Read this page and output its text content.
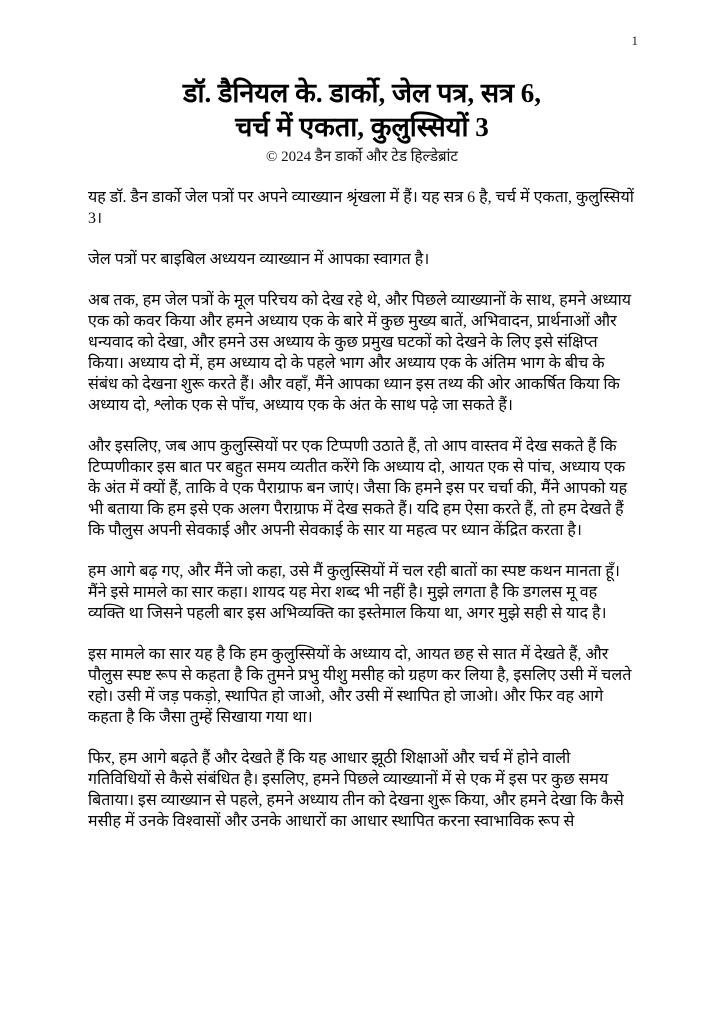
1
डॉ. डैनियल के. डार्को, जेल पत्र, सत्र 6,
चर्च में एकता, कुलुस्सियों 3
© 2024 डैन डार्को और टेड हिल्डेब्रांट

यह डॉ. डैन डार्को जेल पत्रों पर अपने व्याख्यान श्रृंखला में हैं। यह सत्र 6 है, चर्च में एकता, कुलुस्सियों 3।

जेल पत्रों पर बाइबिल अध्ययन व्याख्यान में आपका स्वागत है।

अब तक, हम जेल पत्रों के मूल परिचय को देख रहे थे, और पिछले व्याख्यानों के साथ, हमने अध्याय एक को कवर किया और हमने अध्याय एक के बारे में कुछ मुख्य बातें, अभिवादन, प्रार्थनाओं और धन्यवाद को देखा, और हमने उस अध्याय के कुछ प्रमुख घटकों को देखने के लिए इसे संक्षिप्त किया। अध्याय दो में, हम अध्याय दो के पहले भाग और अध्याय एक के अंतिम भाग के बीच के संबंध को देखना शुरू करते हैं। और वहाँ, मैंने आपका ध्यान इस तथ्य की ओर आकर्षित किया कि अध्याय दो, श्लोक एक से पाँच, अध्याय एक के अंत के साथ पढ़े जा सकते हैं।

और इसलिए, जब आप कुलुस्सियों पर एक टिप्पणी उठाते हैं, तो आप वास्तव में देख सकते हैं कि टिप्पणीकार इस बात पर बहुत समय व्यतीत करेंगे कि अध्याय दो, आयत एक से पांच, अध्याय एक के अंत में क्यों हैं, ताकि वे एक पैराग्राफ बन जाएं। जैसा कि हमने इस पर चर्चा की, मैंने आपको यह भी बताया कि हम इसे एक अलग पैराग्राफ में देख सकते हैं। यदि हम ऐसा करते हैं, तो हम देखते हैं कि पौलुस अपनी सेवकाई और अपनी सेवकाई के सार या महत्व पर ध्यान केंद्रित करता है।

हम आगे बढ़ गए, और मैंने जो कहा, उसे मैं कुलुस्सियों में चल रही बातों का स्पष्ट कथन मानता हूँ। मैंने इसे मामले का सार कहा। शायद यह मेरा शब्द भी नहीं है। मुझे लगता है कि डगलस मू वह व्यक्ति था जिसने पहली बार इस अभिव्यक्ति का इस्तेमाल किया था, अगर मुझे सही से याद है।

इस मामले का सार यह है कि हम कुलुस्सियों के अध्याय दो, आयत छह से सात में देखते हैं, और पौलुस स्पष्ट रूप से कहता है कि तुमने प्रभु यीशु मसीह को ग्रहण कर लिया है, इसलिए उसी में चलते रहो। उसी में जड़ पकड़ो, स्थापित हो जाओ, और उसी में स्थापित हो जाओ। और फिर वह आगे कहता है कि जैसा तुम्हें सिखाया गया था।

फिर, हम आगे बढ़ते हैं और देखते हैं कि यह आधार झूठी शिक्षाओं और चर्च में होने वाली गतिविधियों से कैसे संबंधित है। इसलिए, हमने पिछले व्याख्यानों में से एक में इस पर कुछ समय बिताया। इस व्याख्यान से पहले, हमने अध्याय तीन को देखना शुरू किया, और हमने देखा कि कैसे मसीह में उनके विश्वासों और उनके आधारों का आधार स्थापित करना स्वाभाविक रूप से
